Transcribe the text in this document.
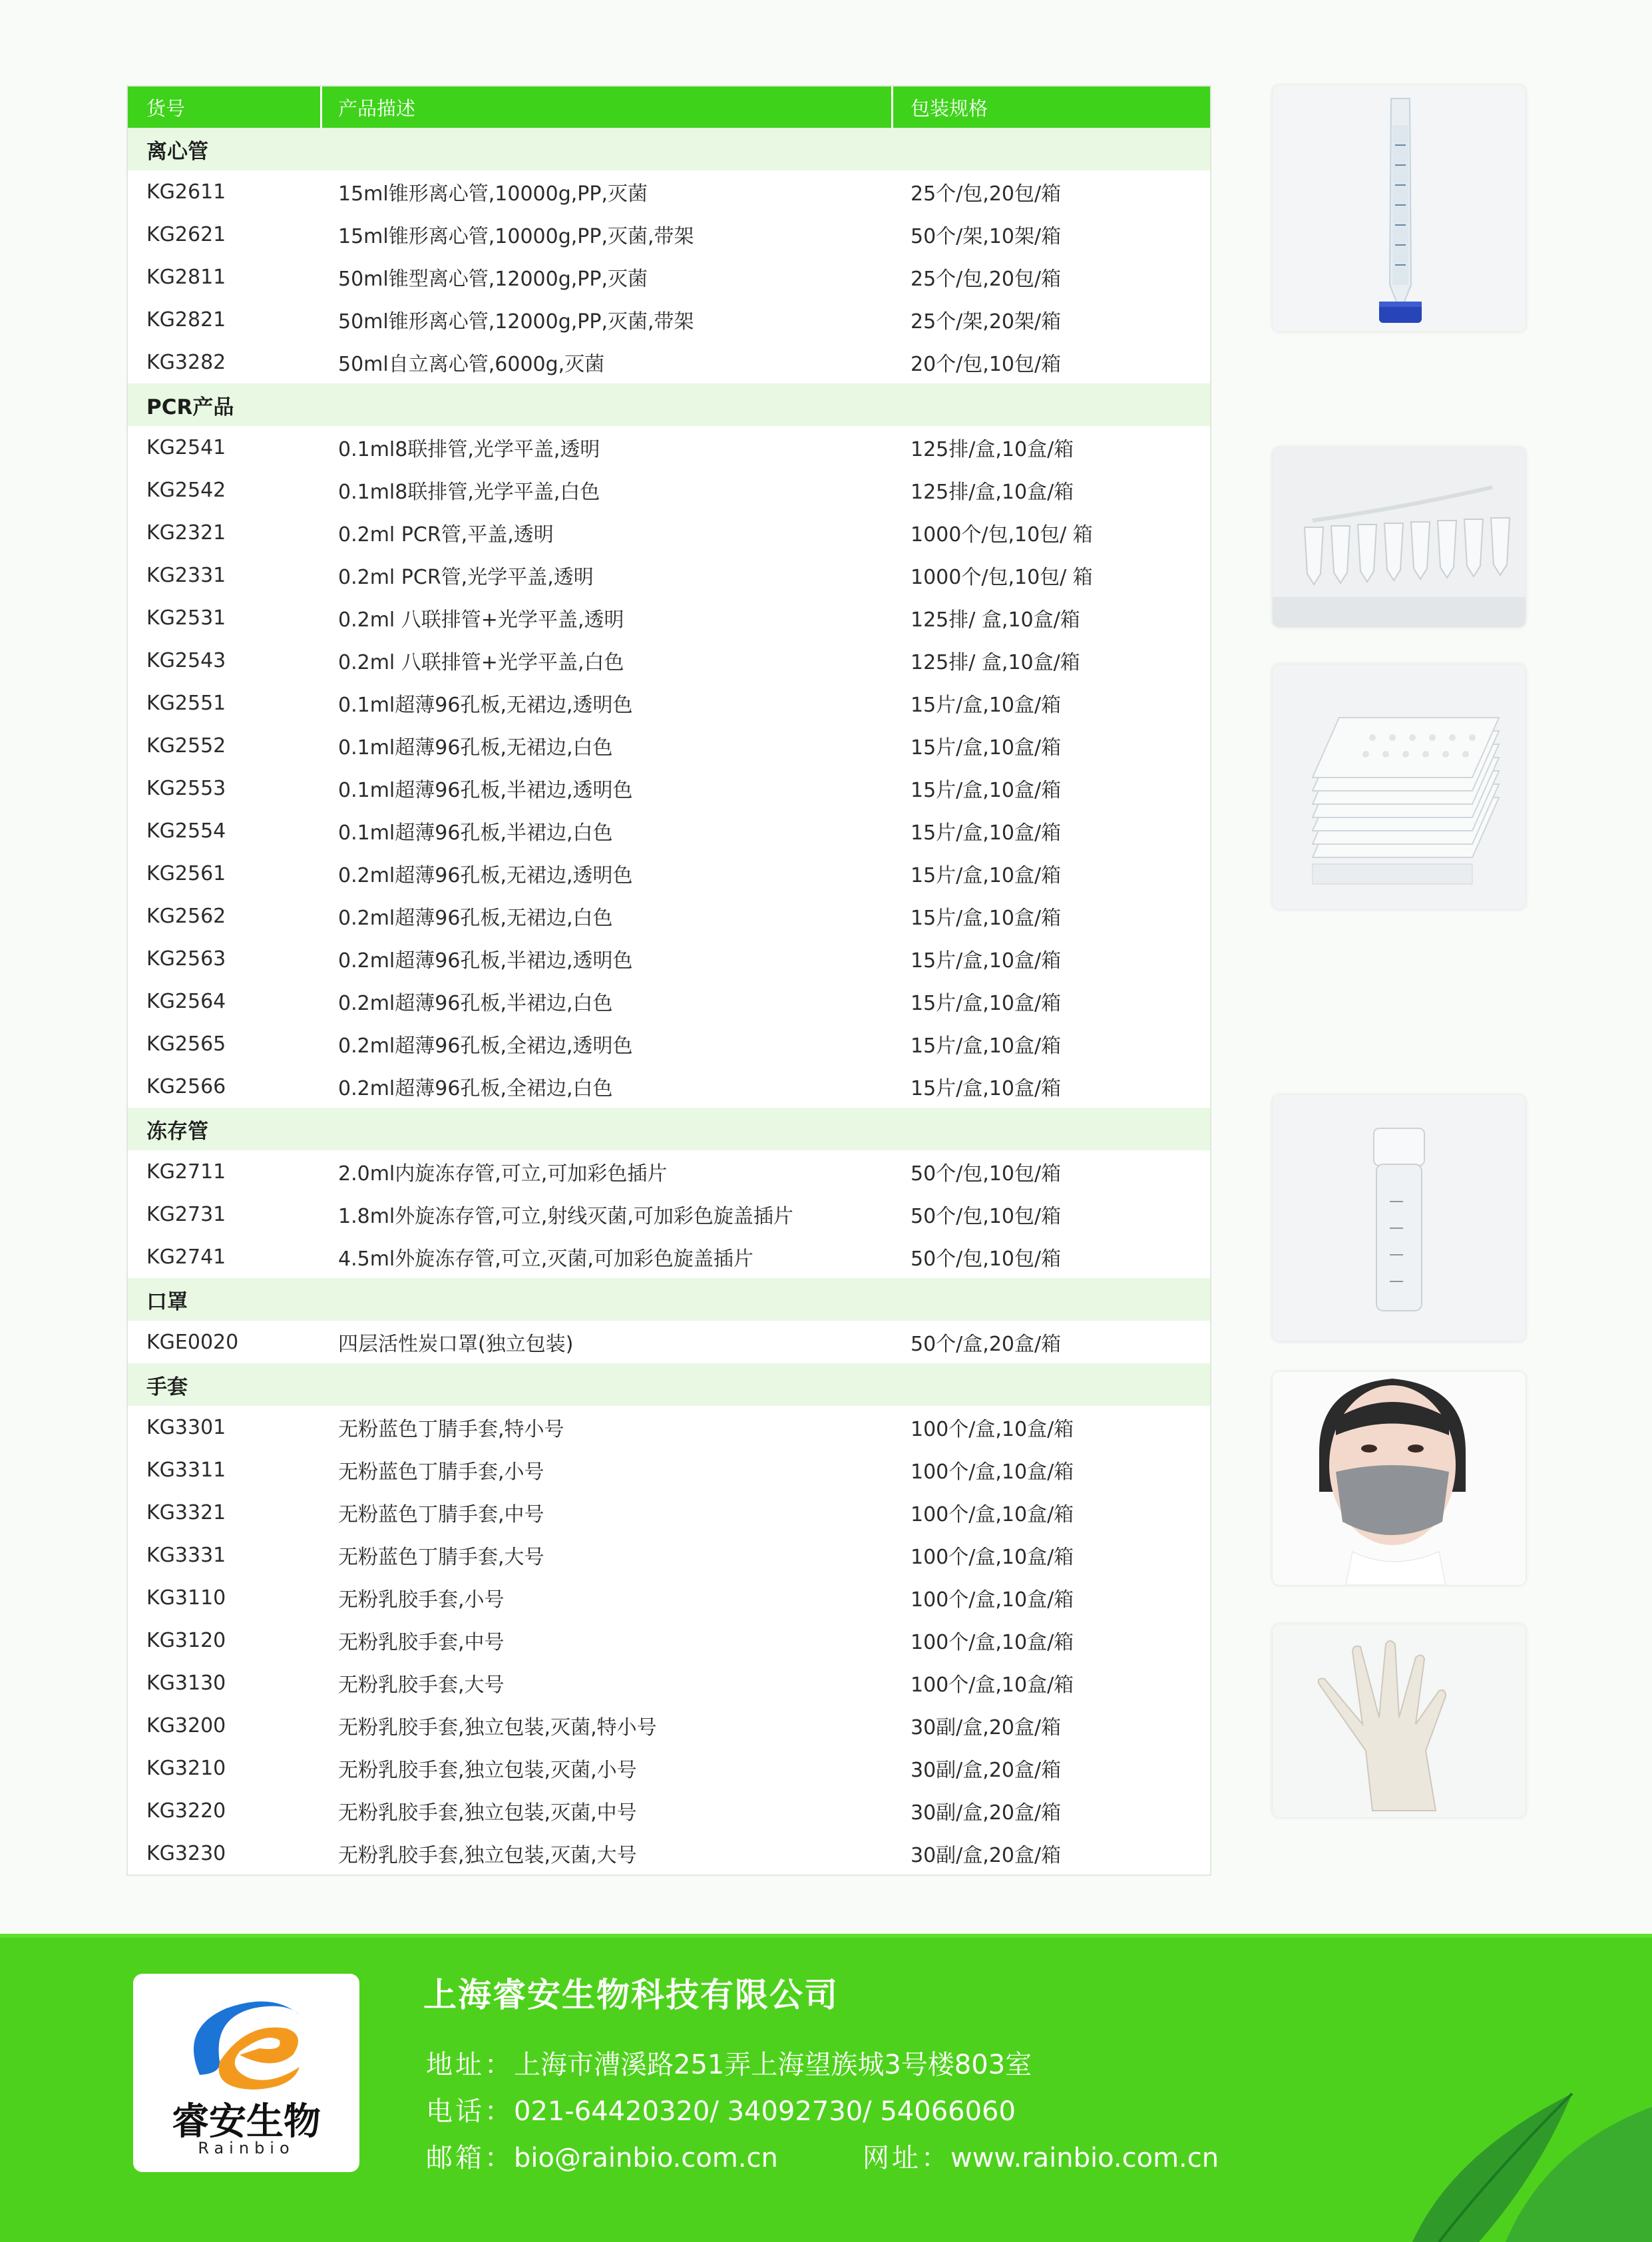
货号	产品描述	包装规格
离心管
KG2611	15ml锥形离心管,10000g,PP,灭菌	25个/包,20包/箱
KG2621	15ml锥形离心管,10000g,PP,灭菌,带架	50个/架,10架/箱
KG2811	50ml锥型离心管,12000g,PP,灭菌	25个/包,20包/箱
KG2821	50ml锥形离心管,12000g,PP,灭菌,带架	25个/架,20架/箱
KG3282	50ml自立离心管,6000g,灭菌	20个/包,10包/箱
PCR产品
KG2541	0.1ml8联排管,光学平盖,透明	125排/盒,10盒/箱
KG2542	0.1ml8联排管,光学平盖,白色	125排/盒,10盒/箱
KG2321	0.2ml PCR管,平盖,透明	1000个/包,10包/ 箱
KG2331	0.2ml PCR管,光学平盖,透明	1000个/包,10包/ 箱
KG2531	0.2ml 八联排管+光学平盖,透明	125排/ 盒,10盒/箱
KG2543	0.2ml 八联排管+光学平盖,白色	125排/ 盒,10盒/箱
KG2551	0.1ml超薄96孔板,无裙边,透明色	15片/盒,10盒/箱
KG2552	0.1ml超薄96孔板,无裙边,白色	15片/盒,10盒/箱
KG2553	0.1ml超薄96孔板,半裙边,透明色	15片/盒,10盒/箱
KG2554	0.1ml超薄96孔板,半裙边,白色	15片/盒,10盒/箱
KG2561	0.2ml超薄96孔板,无裙边,透明色	15片/盒,10盒/箱
KG2562	0.2ml超薄96孔板,无裙边,白色	15片/盒,10盒/箱
KG2563	0.2ml超薄96孔板,半裙边,透明色	15片/盒,10盒/箱
KG2564	0.2ml超薄96孔板,半裙边,白色	15片/盒,10盒/箱
KG2565	0.2ml超薄96孔板,全裙边,透明色	15片/盒,10盒/箱
KG2566	0.2ml超薄96孔板,全裙边,白色	15片/盒,10盒/箱
冻存管
KG2711	2.0ml内旋冻存管,可立,可加彩色插片	50个/包,10包/箱
KG2731	1.8ml外旋冻存管,可立,射线灭菌,可加彩色旋盖插片	50个/包,10包/箱
KG2741	4.5ml外旋冻存管,可立,灭菌,可加彩色旋盖插片	50个/包,10包/箱
口罩
KGE0020	四层活性炭口罩(独立包装)	50个/盒,20盒/箱
手套
KG3301	无粉蓝色丁腈手套,特小号	100个/盒,10盒/箱
KG3311	无粉蓝色丁腈手套,小号	100个/盒,10盒/箱
KG3321	无粉蓝色丁腈手套,中号	100个/盒,10盒/箱
KG3331	无粉蓝色丁腈手套,大号	100个/盒,10盒/箱
KG3110	无粉乳胶手套,小号	100个/盒,10盒/箱
KG3120	无粉乳胶手套,中号	100个/盒,10盒/箱
KG3130	无粉乳胶手套,大号	100个/盒,10盒/箱
KG3200	无粉乳胶手套,独立包装,灭菌,特小号	30副/盒,20盒/箱
KG3210	无粉乳胶手套,独立包装,灭菌,小号	30副/盒,20盒/箱
KG3220	无粉乳胶手套,独立包装,灭菌,中号	30副/盒,20盒/箱
KG3230	无粉乳胶手套,独立包装,灭菌,大号	30副/盒,20盒/箱
睿安生物
Rainbio
上海睿安生物科技有限公司
地址：上海市漕溪路251弄上海望族城3号楼803室
电话：021-64420320/ 34092730/ 54066060
邮箱：bio@rainbio.com.cn	网址：www.rainbio.com.cn
